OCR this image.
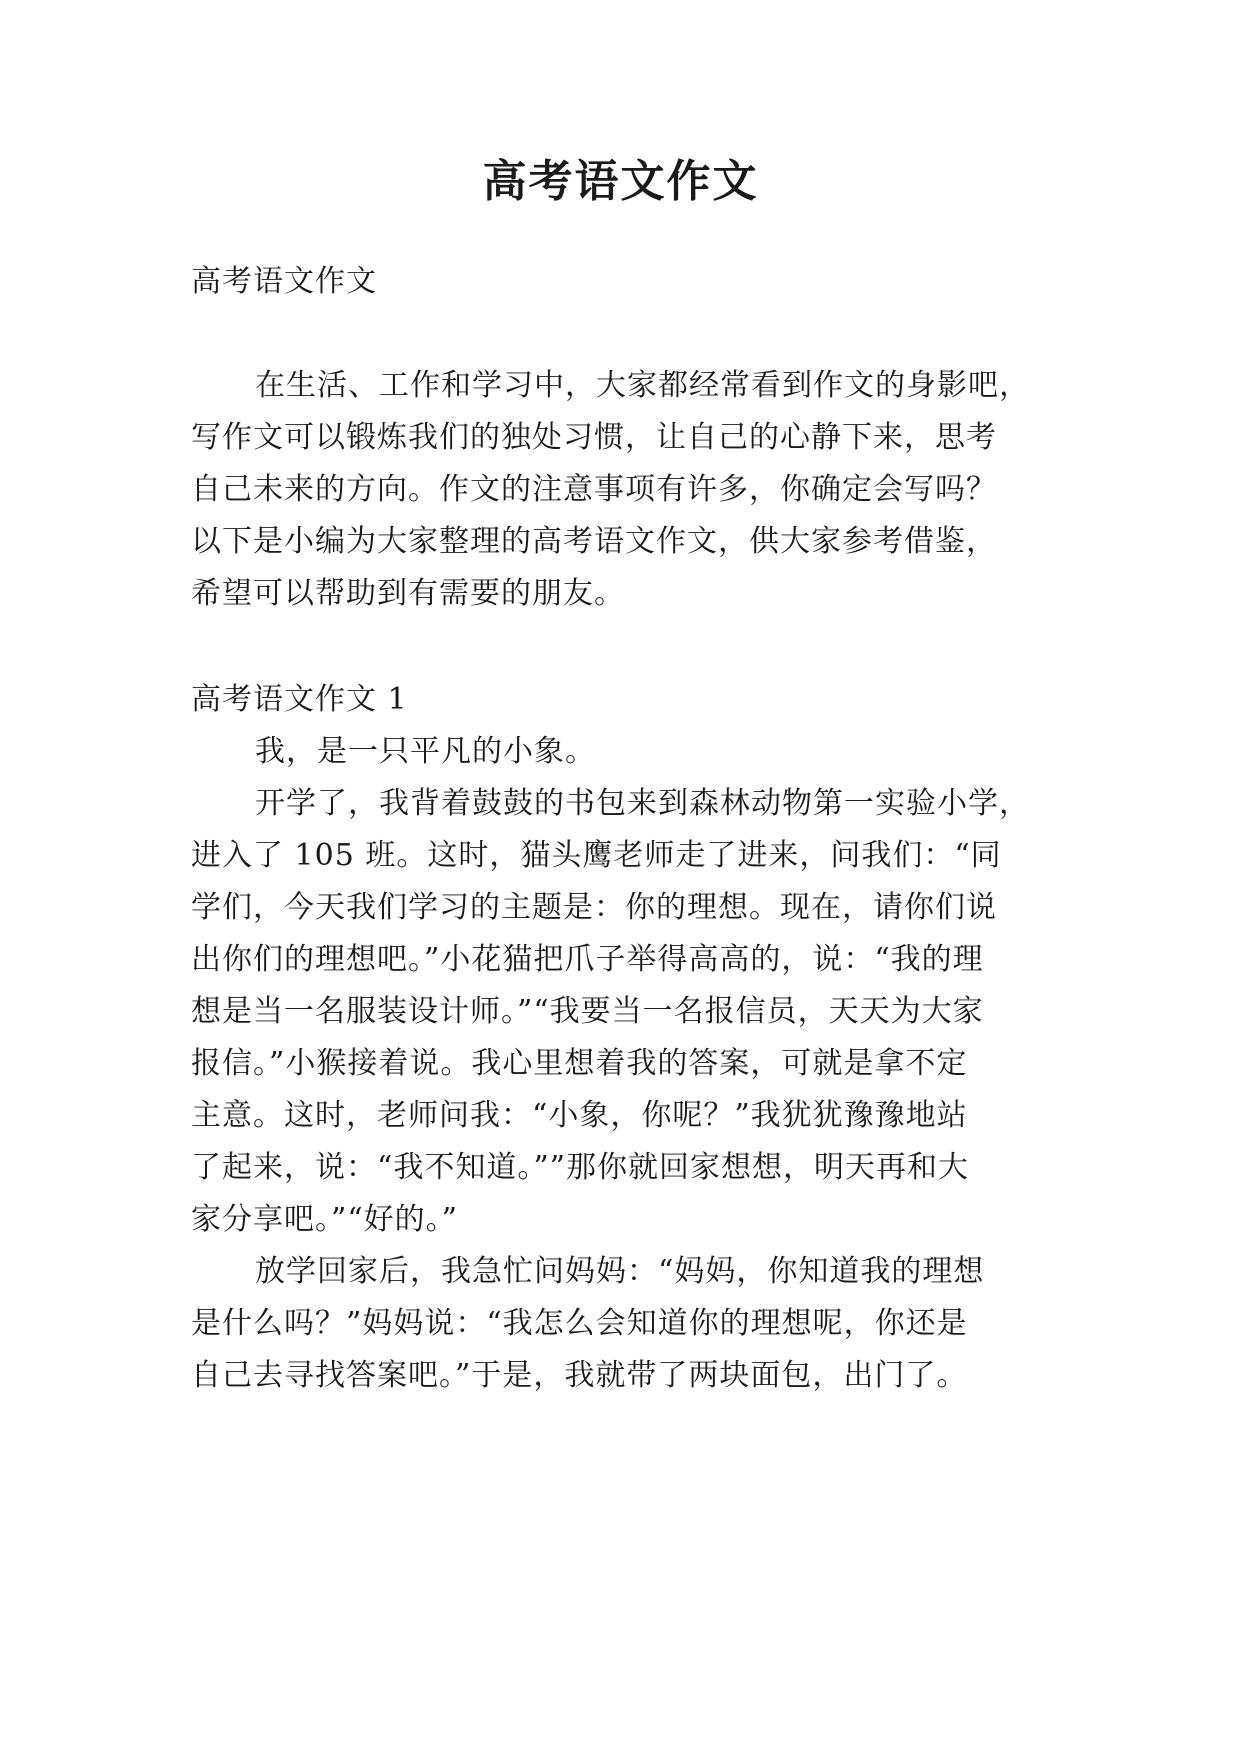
高考语文作文

高考语文作文

在生活、工作和学习中，大家都经常看到作文的身影吧，

写作文可以锻炼我们的独处习惯，让自己的心静下来，思考

自己未来的方向。作文的注意事项有许多，你确定会写吗？

以下是小编为大家整理的高考语文作文，供大家参考借鉴，

希望可以帮助到有需要的朋友。

高考语文作文 1

我，是一只平凡的小象。

开学了，我背着鼓鼓的书包来到森林动物第一实验小学，

进入了 105 班。这时，猫头鹰老师走了进来，问我们：“同

学们，今天我们学习的主题是：你的理想。现在，请你们说

出你们的理想吧。”小花猫把爪子举得高高的，说：“我的理

想是当一名服装设计师。”“我要当一名报信员，天天为大家

报信。”小猴接着说。我心里想着我的答案，可就是拿不定

主意。这时，老师问我：“小象，你呢？”我犹犹豫豫地站

了起来，说：“我不知道。””那你就回家想想，明天再和大

家分享吧。”“好的。”

放学回家后，我急忙问妈妈：“妈妈，你知道我的理想

是什么吗？”妈妈说：“我怎么会知道你的理想呢，你还是

自己去寻找答案吧。”于是，我就带了两块面包，出门了。
